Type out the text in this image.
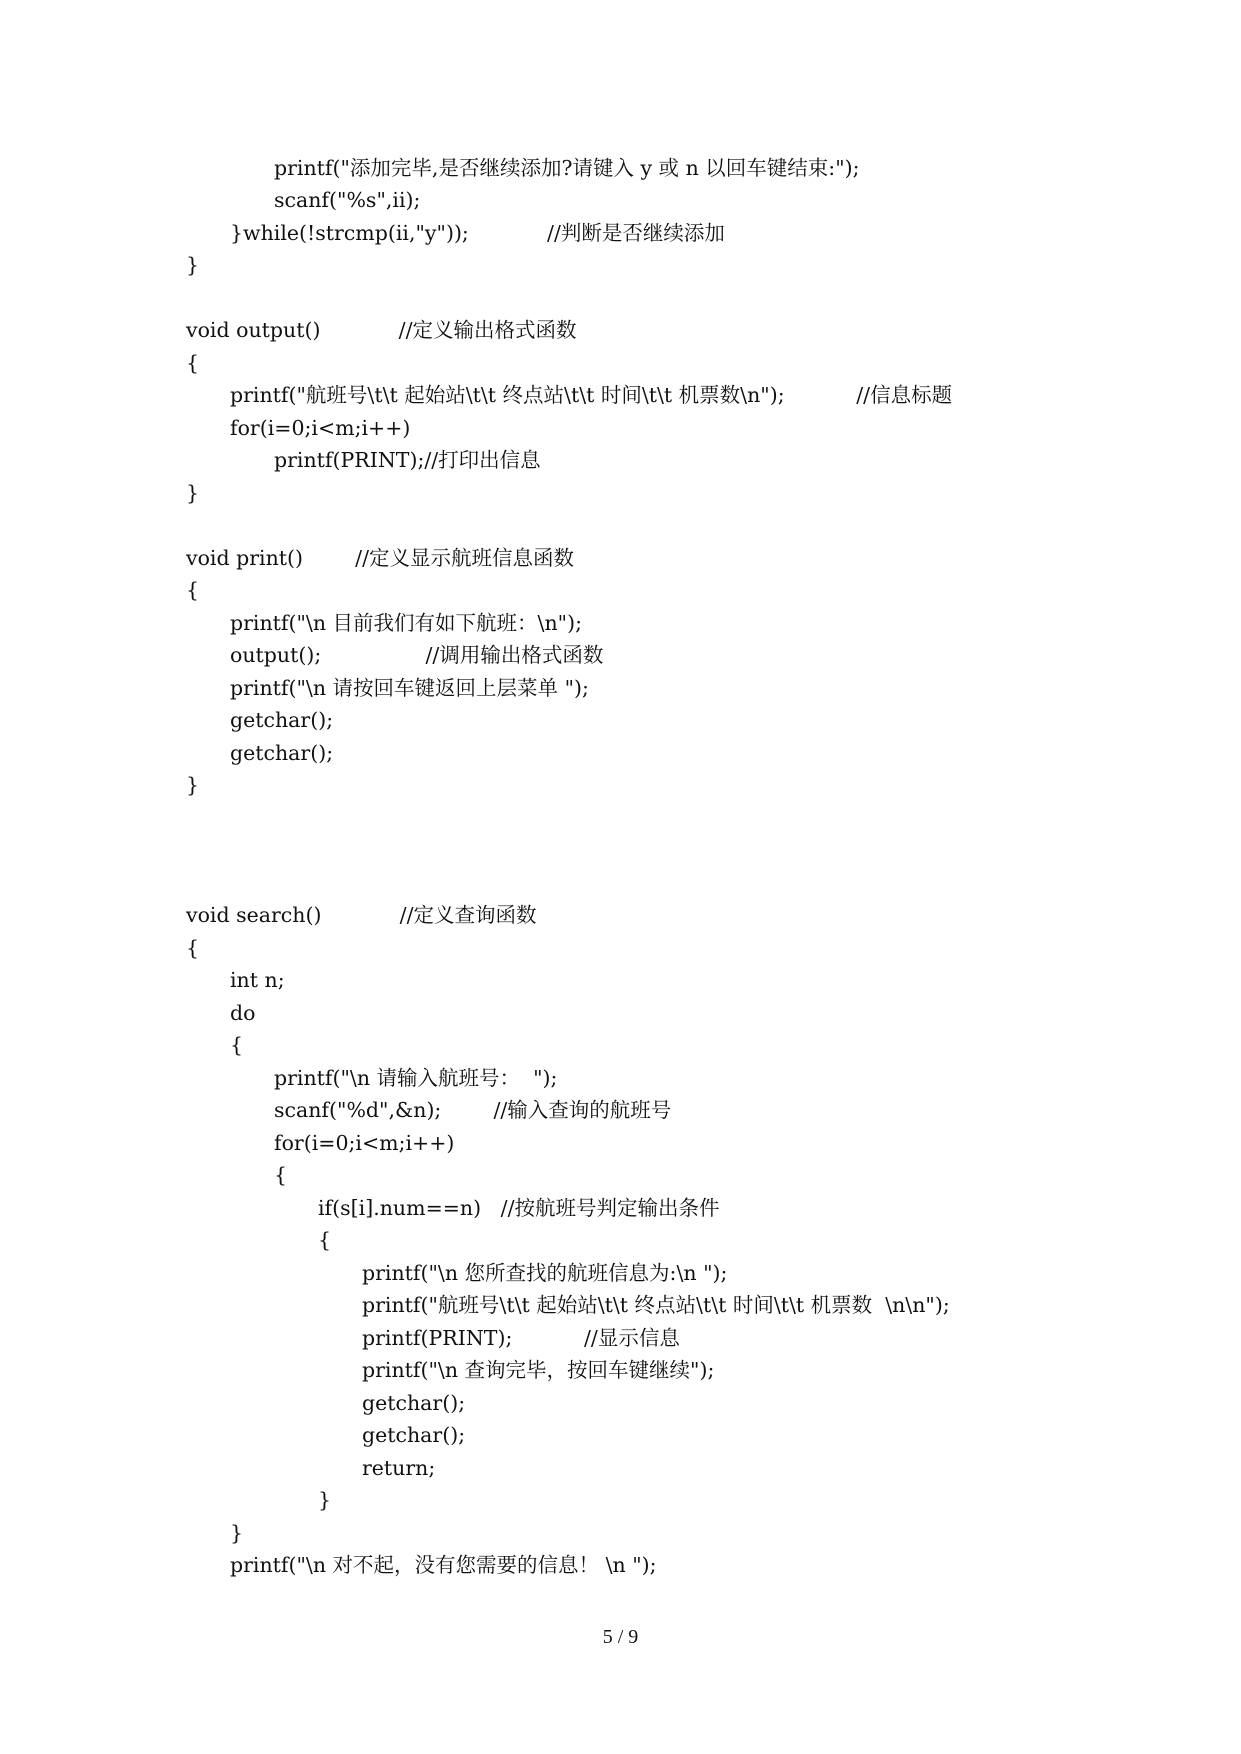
printf("添加完毕,是否继续添加?请键入 y 或 n 以回车键结束:");
scanf("%s",ii);
}while(!strcmp(ii,"y"));            //判断是否继续添加
}
void output()            //定义输出格式函数
{
printf("航班号\t\t 起始站\t\t 终点站\t\t 时间\t\t 机票数\n");           //信息标题
for(i=0;i<m;i++)
printf(PRINT);//打印出信息
}
void print()        //定义显示航班信息函数
{
printf("\n 目前我们有如下航班：\n");
output();                //调用输出格式函数
printf("\n 请按回车键返回上层菜单 ");
getchar();
getchar();
}
void search()            //定义查询函数
{
int n;
do
{
printf("\n 请输入航班号：  ");
scanf("%d",&n);        //输入查询的航班号
for(i=0;i<m;i++)
{
if(s[i].num==n)   //按航班号判定输出条件
{
printf("\n 您所查找的航班信息为:\n ");
printf("航班号\t\t 起始站\t\t 终点站\t\t 时间\t\t 机票数  \n\n");
printf(PRINT);           //显示信息
printf("\n 查询完毕，按回车键继续");
getchar();
getchar();
return;
}
}
printf("\n 对不起，没有您需要的信息！ \n ");
5 / 9
